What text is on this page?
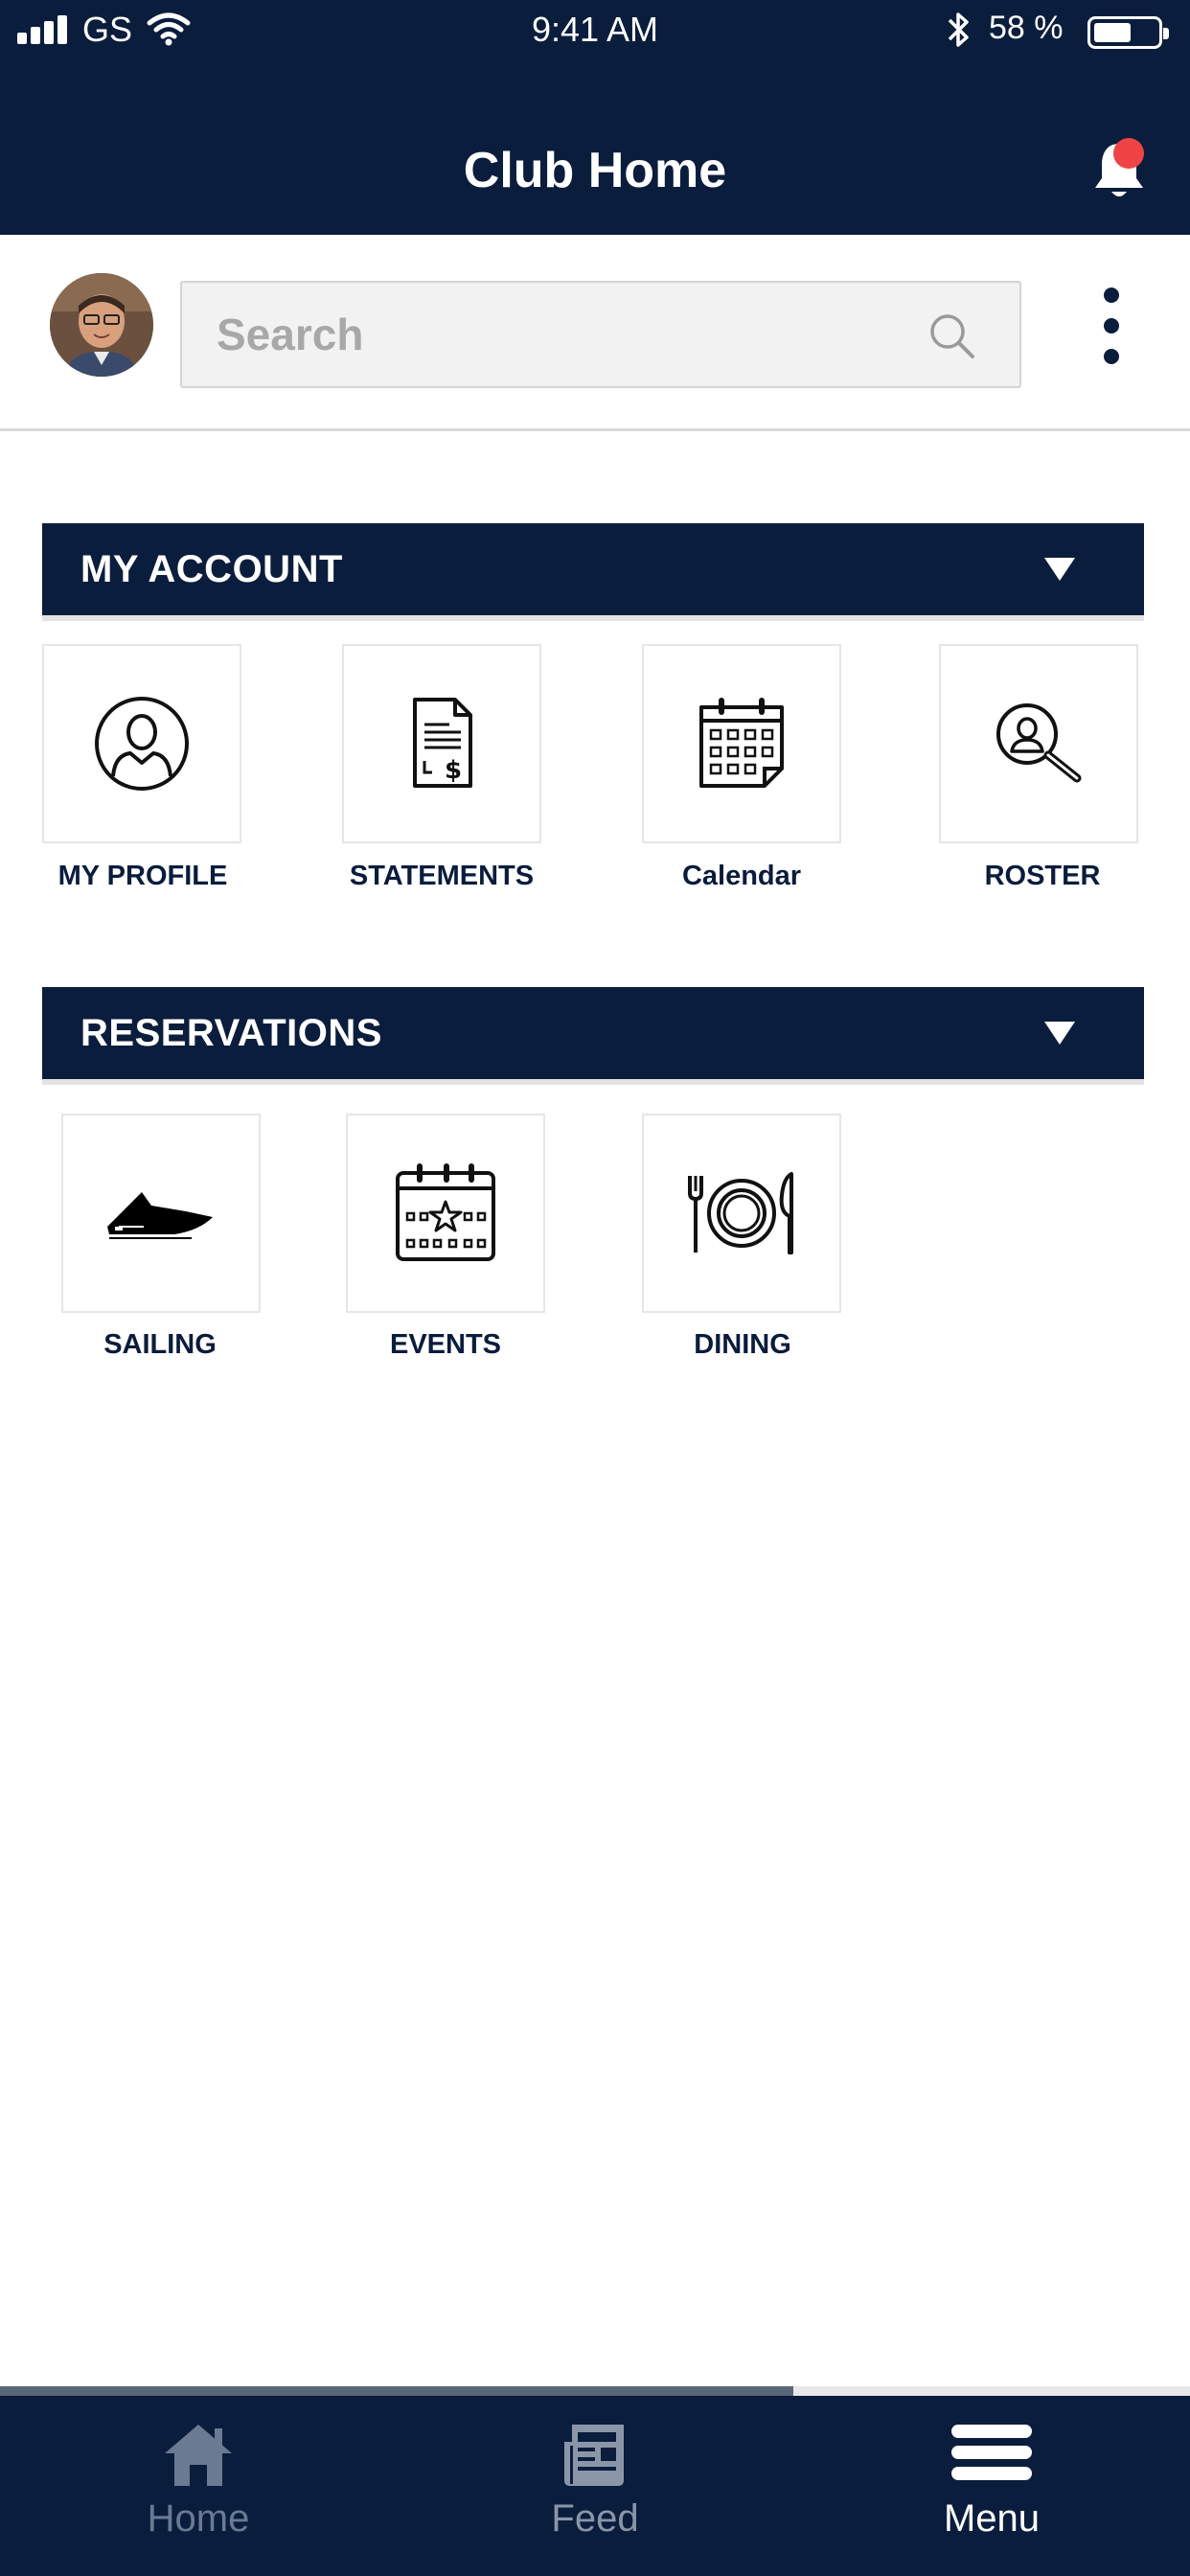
GS	9:41 AM	58 %
Club Home
Search
MY ACCOUNT
MY PROFILE
$
STATEMENTS	Calendar	ROSTER
RESERVATIONS
SAILING	EVENTS	DINING
Home	Feed	Menu
